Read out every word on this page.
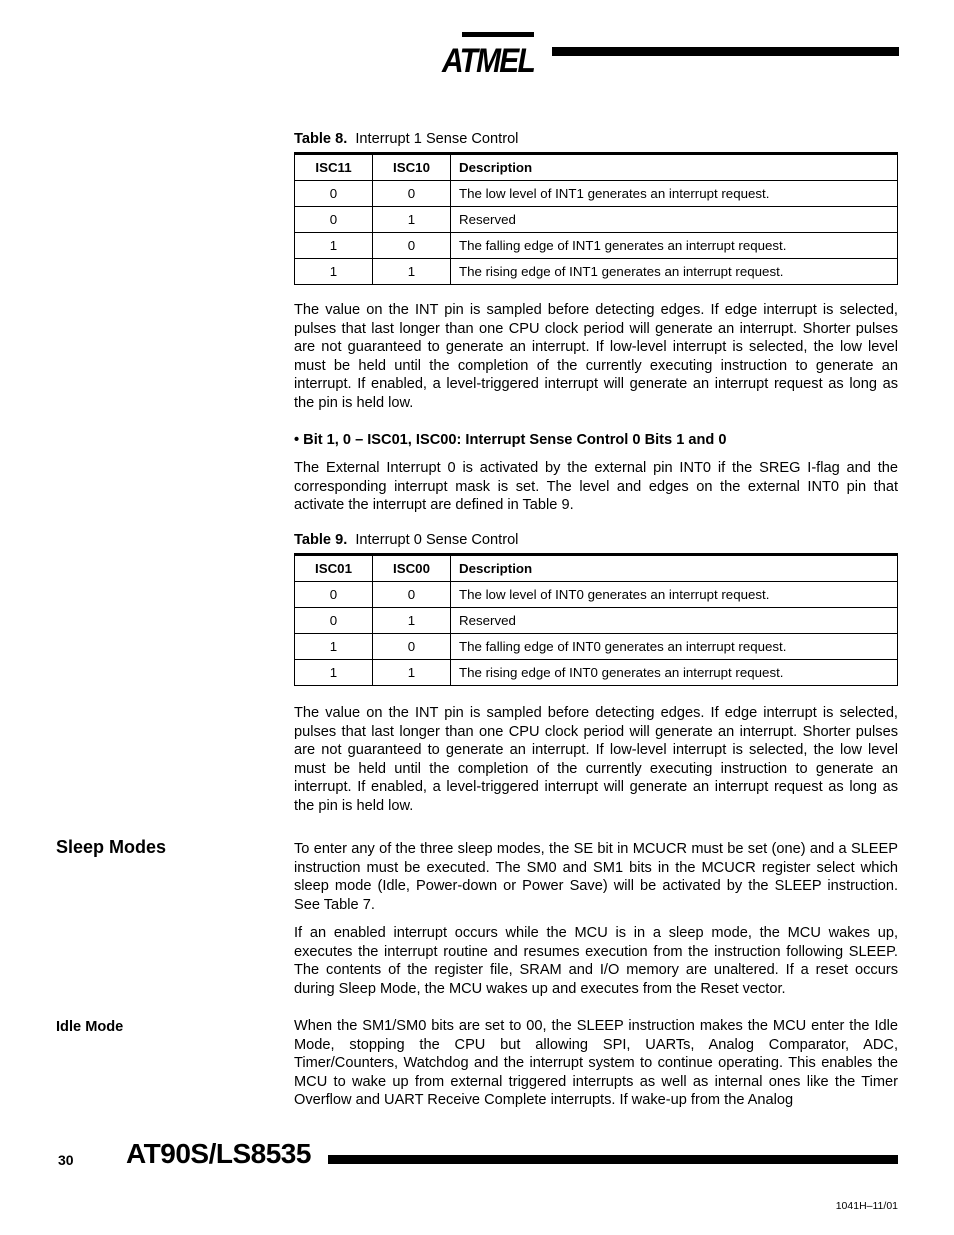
ATMEL

Table 8. Interrupt 1 Sense Control

ISC11	ISC10	Description
0	0	The low level of INT1 generates an interrupt request.
0	1	Reserved
1	0	The falling edge of INT1 generates an interrupt request.
1	1	The rising edge of INT1 generates an interrupt request.

The value on the INT pin is sampled before detecting edges. If edge interrupt is selected, pulses that last longer than one CPU clock period will generate an interrupt. Shorter pulses are not guaranteed to generate an interrupt. If low-level interrupt is selected, the low level must be held until the completion of the currently executing instruction to generate an interrupt. If enabled, a level-triggered interrupt will generate an interrupt request as long as the pin is held low.

• Bit 1, 0 – ISC01, ISC00: Interrupt Sense Control 0 Bits 1 and 0

The External Interrupt 0 is activated by the external pin INT0 if the SREG I-flag and the corresponding interrupt mask is set. The level and edges on the external INT0 pin that activate the interrupt are defined in Table 9.

Table 9. Interrupt 0 Sense Control

ISC01	ISC00	Description
0	0	The low level of INT0 generates an interrupt request.
0	1	Reserved
1	0	The falling edge of INT0 generates an interrupt request.
1	1	The rising edge of INT0 generates an interrupt request.

The value on the INT pin is sampled before detecting edges. If edge interrupt is selected, pulses that last longer than one CPU clock period will generate an interrupt. Shorter pulses are not guaranteed to generate an interrupt. If low-level interrupt is selected, the low level must be held until the completion of the currently executing instruction to generate an interrupt. If enabled, a level-triggered interrupt will generate an interrupt request as long as the pin is held low.

Sleep Modes	To enter any of the three sleep modes, the SE bit in MCUCR must be set (one) and a SLEEP instruction must be executed. The SM0 and SM1 bits in the MCUCR register select which sleep mode (Idle, Power-down or Power Save) will be activated by the SLEEP instruction. See Table 7.

If an enabled interrupt occurs while the MCU is in a sleep mode, the MCU wakes up, executes the interrupt routine and resumes execution from the instruction following SLEEP. The contents of the register file, SRAM and I/O memory are unaltered. If a reset occurs during Sleep Mode, the MCU wakes up and executes from the Reset vector.

Idle Mode	When the SM1/SM0 bits are set to 00, the SLEEP instruction makes the MCU enter the Idle Mode, stopping the CPU but allowing SPI, UARTs, Analog Comparator, ADC, Timer/Counters, Watchdog and the interrupt system to continue operating. This enables the MCU to wake up from external triggered interrupts as well as internal ones like the Timer Overflow and UART Receive Complete interrupts. If wake-up from the Analog

30 AT90S/LS8535
1041H–11/01
